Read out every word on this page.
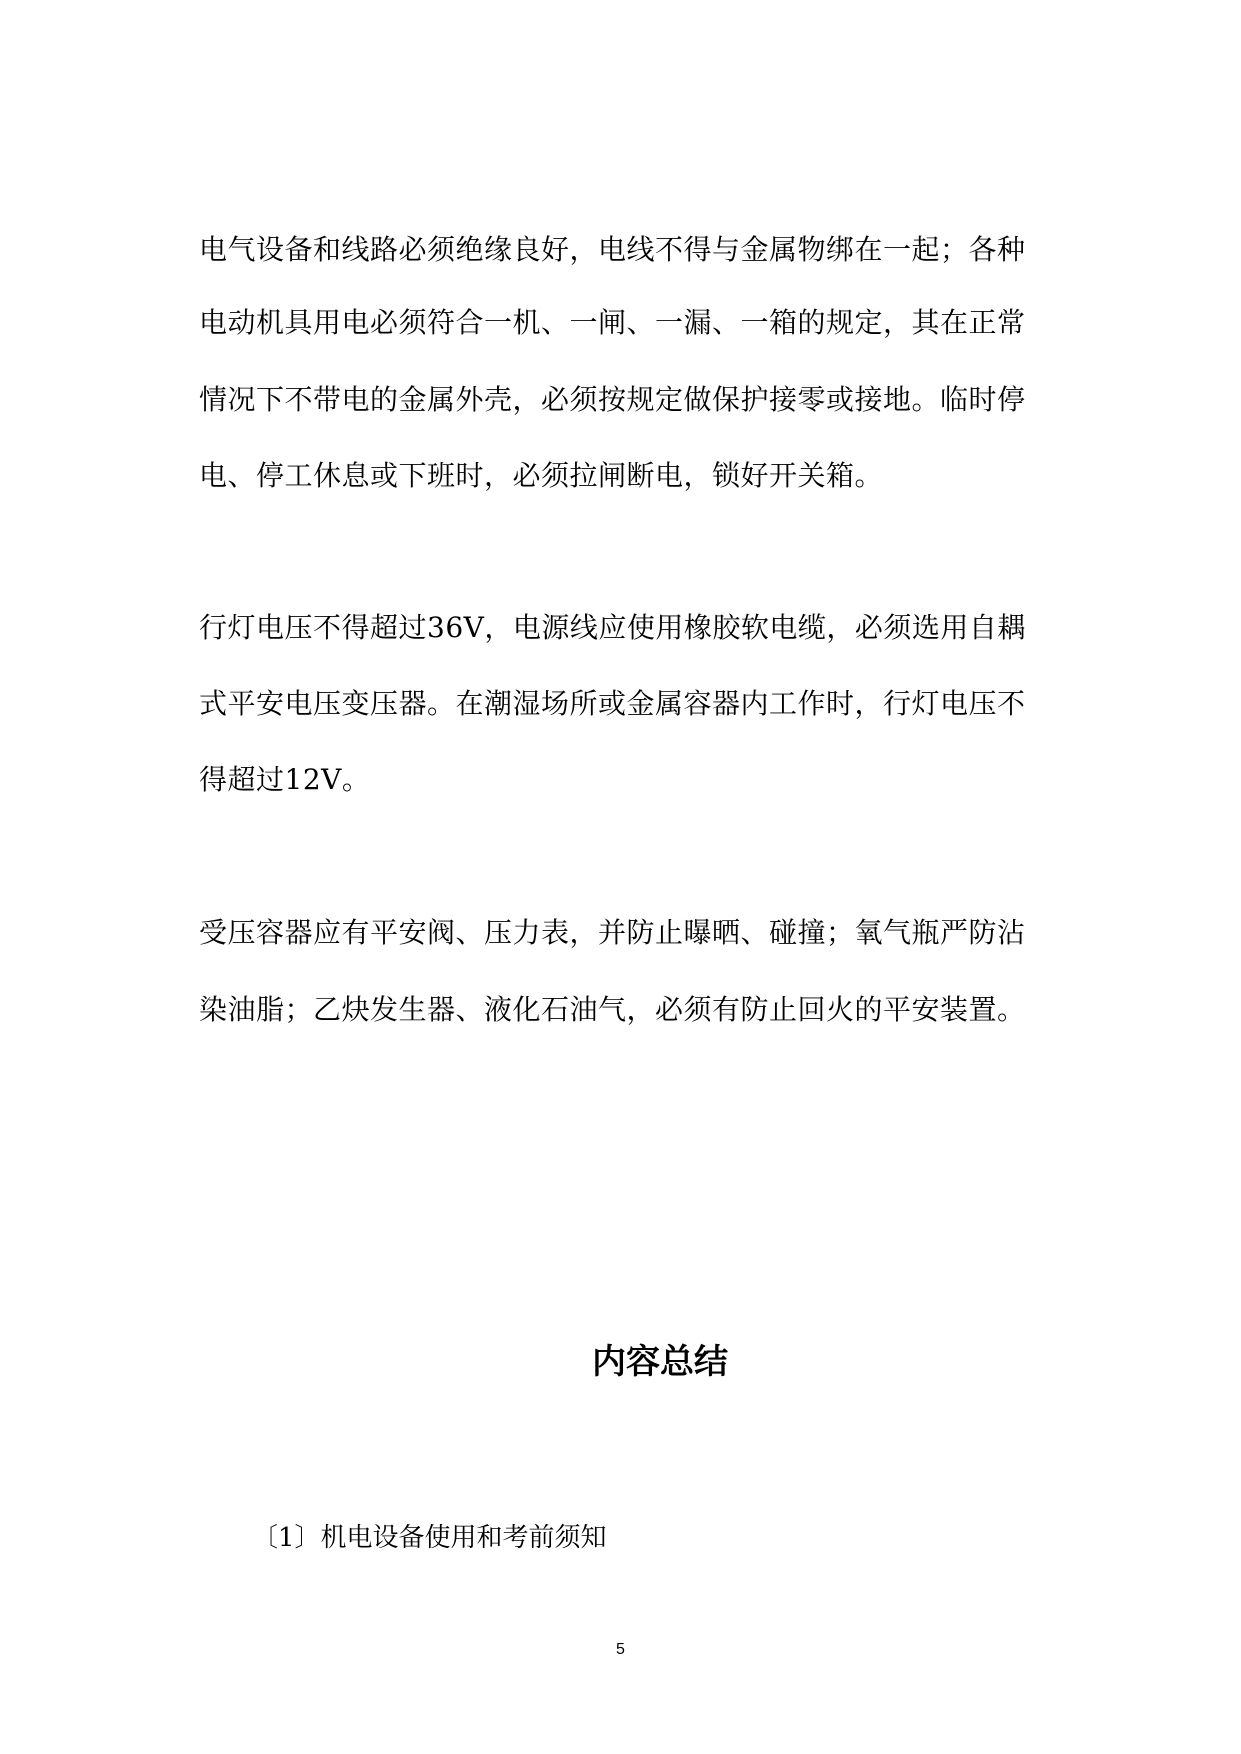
电气设备和线路必须绝缘良好，电线不得与金属物绑在一起；各种
电动机具用电必须符合一机、一闸、一漏、一箱的规定，其在正常
情况下不带电的金属外壳，必须按规定做保护接零或接地。临时停
电、停工休息或下班时，必须拉闸断电，锁好开关箱。
行灯电压不得超过36V，电源线应使用橡胶软电缆，必须选用自耦
式平安电压变压器。在潮湿场所或金属容器内工作时，行灯电压不
得超过12V。
受压容器应有平安阀、压力表，并防止曝晒、碰撞；氧气瓶严防沾
染油脂；乙炔发生器、液化石油气，必须有防止回火的平安装置。
内容总结
〔1〕机电设备使用和考前须知
5
